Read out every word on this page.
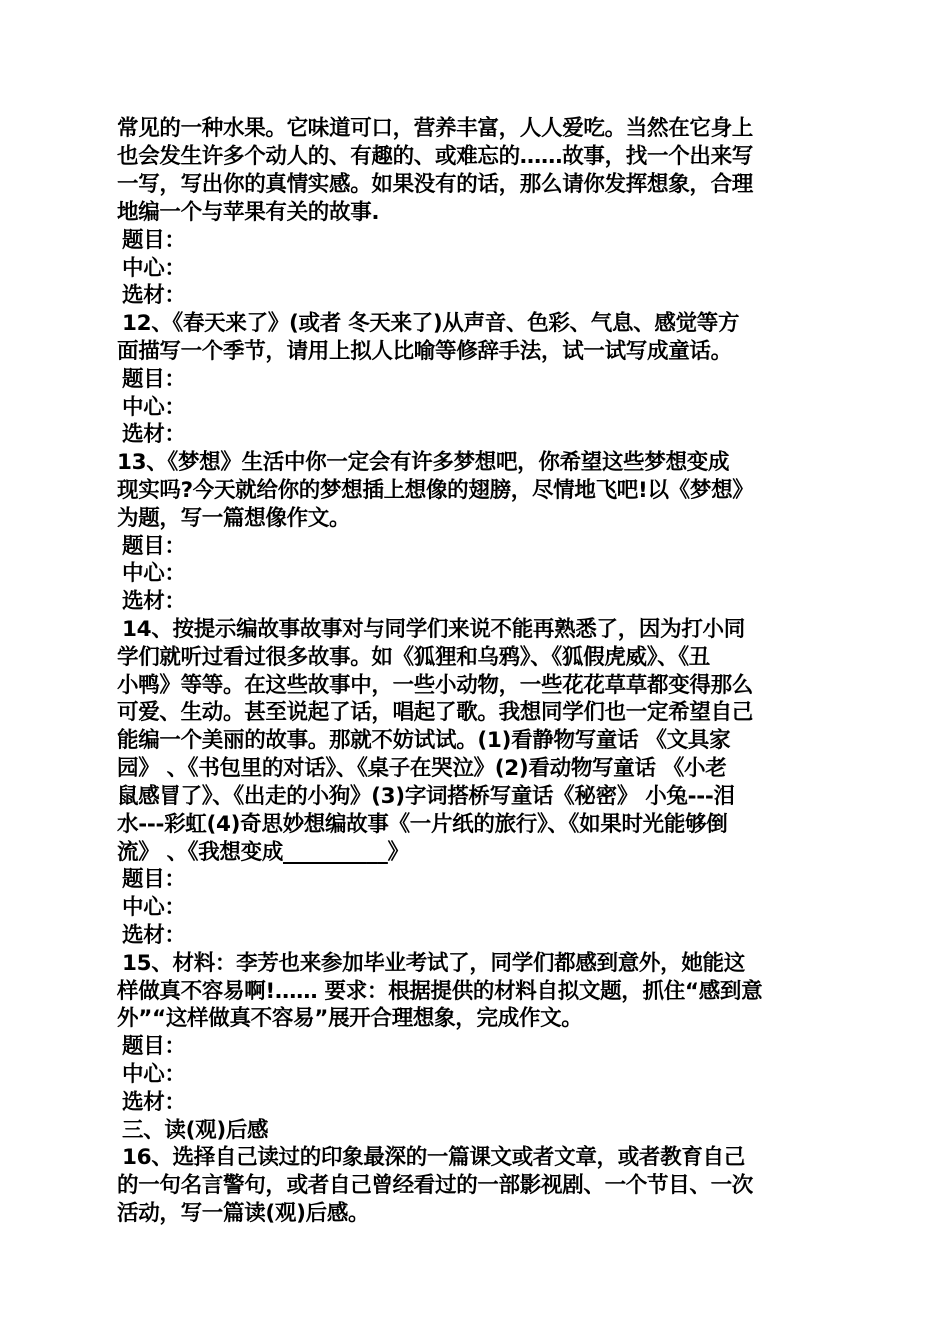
常见的一种水果。它味道可口，营养丰富，人人爱吃。当然在它身上
也会发生许多个动人的、有趣的、或难忘的……故事，找一个出来写
一写，写出你的真情实感。如果没有的话，那么请你发挥想象，合理
地编一个与苹果有关的故事.
题目：
中心：
选材：
12、《春天来了》(或者 冬天来了)从声音、色彩、气息、感觉等方
面描写一个季节，请用上拟人比喻等修辞手法，试一试写成童话。
题目：
中心：
选材：
13、《梦想》生活中你一定会有许多梦想吧，你希望这些梦想变成
现实吗?今天就给你的梦想插上想像的翅膀，尽情地飞吧!以《梦想》
为题，写一篇想像作文。
题目：
中心：
选材：
14、按提示编故事故事对与同学们来说不能再熟悉了，因为打小同
学们就听过看过很多故事。如《狐狸和乌鸦》、《狐假虎威》、《丑
小鸭》等等。在这些故事中，一些小动物，一些花花草草都变得那么
可爱、生动。甚至说起了话，唱起了歌。我想同学们也一定希望自己
能编一个美丽的故事。那就不妨试试。(1)看静物写童话 《文具家
园》 、《书包里的对话》、《桌子在哭泣》(2)看动物写童话 《小老
鼠感冒了》、《出走的小狗》(3)字词搭桥写童话《秘密》 小兔---泪
水---彩虹(4)奇思妙想编故事《一片纸的旅行》、《如果时光能够倒
流》 、《我想变成__________》
题目：
中心：
选材：
15、材料：李芳也来参加毕业考试了，同学们都感到意外，她能这
样做真不容易啊!…… 要求：根据提供的材料自拟文题，抓住“感到意
外”“这样做真不容易”展开合理想象，完成作文。
题目：
中心：
选材：
三、读(观)后感
16、选择自己读过的印象最深的一篇课文或者文章，或者教育自己
的一句名言警句，或者自己曾经看过的一部影视剧、一个节目、一次
活动，写一篇读(观)后感。
